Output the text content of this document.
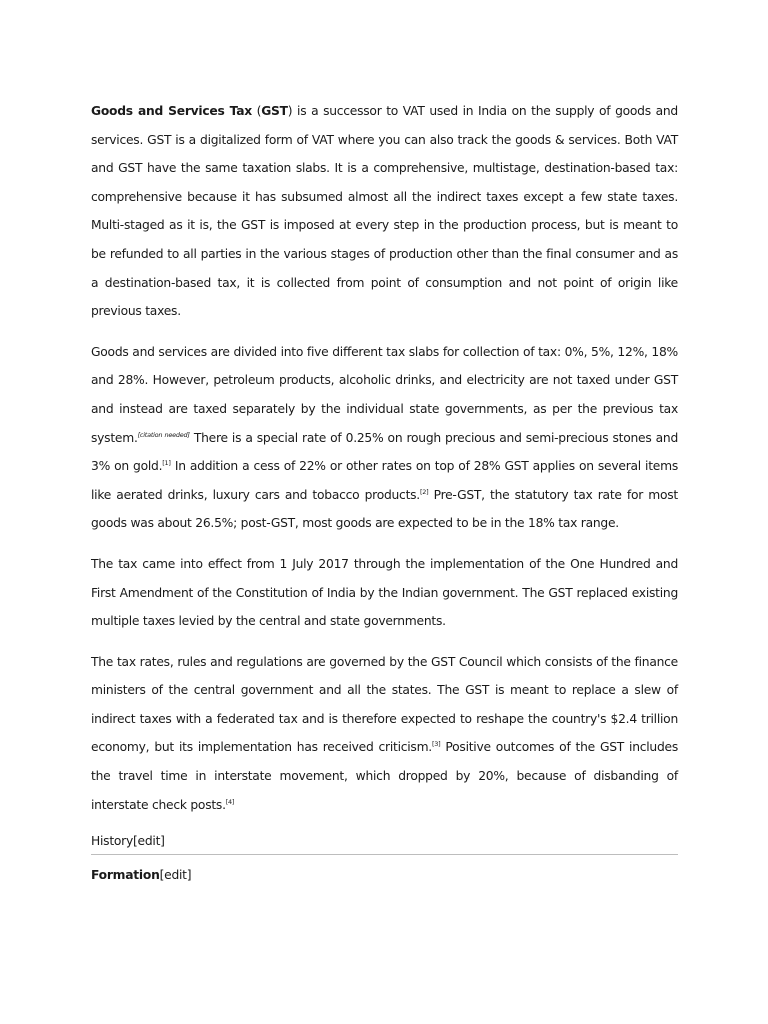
Goods and Services Tax (GST) is a successor to VAT used in India on the supply of goods and services. GST is a digitalized form of VAT where you can also track the goods & services. Both VAT and GST have the same taxation slabs. It is a comprehensive, multistage, destination-based tax: comprehensive because it has subsumed almost all the indirect taxes except a few state taxes. Multi-staged as it is, the GST is imposed at every step in the production process, but is meant to be refunded to all parties in the various stages of production other than the final consumer and as a destination-based tax, it is collected from point of consumption and not point of origin like previous taxes.

Goods and services are divided into five different tax slabs for collection of tax: 0%, 5%, 12%, 18% and 28%. However, petroleum products, alcoholic drinks, and electricity are not taxed under GST and instead are taxed separately by the individual state governments, as per the previous tax system.[citation needed] There is a special rate of 0.25% on rough precious and semi-precious stones and 3% on gold.[1] In addition a cess of 22% or other rates on top of 28% GST applies on several items like aerated drinks, luxury cars and tobacco products.[2] Pre-GST, the statutory tax rate for most goods was about 26.5%; post-GST, most goods are expected to be in the 18% tax range.

The tax came into effect from 1 July 2017 through the implementation of the One Hundred and First Amendment of the Constitution of India by the Indian government. The GST replaced existing multiple taxes levied by the central and state governments.

The tax rates, rules and regulations are governed by the GST Council which consists of the finance ministers of the central government and all the states. The GST is meant to replace a slew of indirect taxes with a federated tax and is therefore expected to reshape the country's $2.4 trillion economy, but its implementation has received criticism.[3] Positive outcomes of the GST includes the travel time in interstate movement, which dropped by 20%, because of disbanding of interstate check posts.[4]

History[edit]
Formation[edit]
